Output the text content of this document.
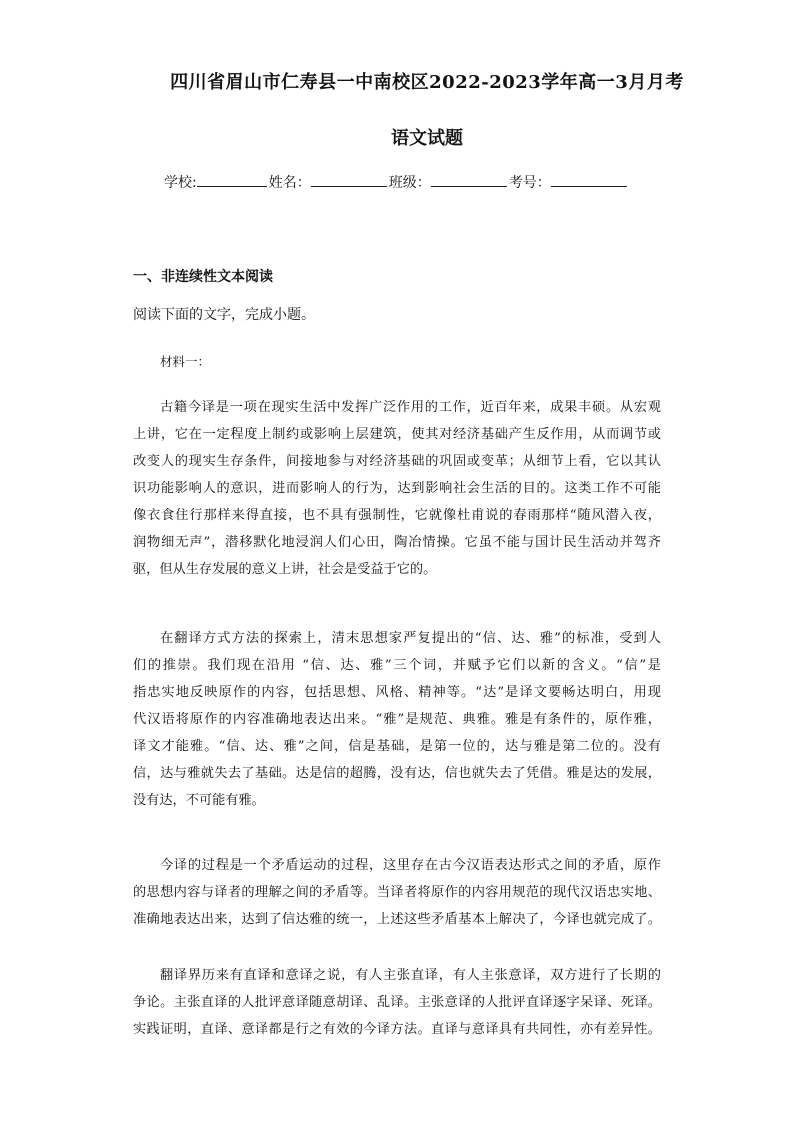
四川省眉山市仁寿县一中南校区2022-2023学年高一3月月考
语文试题
学校:	姓名：	班级：	考号：
一、非连续性文本阅读
阅读下面的文字，完成小题。
材料一：
古籍今译是一项在现实生活中发挥广泛作用的工作，近百年来，成果丰硕。从宏观
上讲，它在一定程度上制约或影响上层建筑，使其对经济基础产生反作用，从而调节或
改变人的现实生存条件，间接地参与对经济基础的巩固或变革；从细节上看，它以其认
识功能影响人的意识，进而影响人的行为，达到影响社会生活的目的。这类工作不可能
像衣食住行那样来得直接，也不具有强制性，它就像杜甫说的春雨那样“随风潜入夜，
润物细无声”，潜移默化地浸润人们心田，陶冶情操。它虽不能与国计民生活动并驾齐
驱，但从生存发展的意义上讲，社会是受益于它的。
在翻译方式方法的探索上，清末思想家严复提出的“信、达、雅”的标准，受到人
们的推崇。我们现在沿用 “信、达、雅”三个词，并赋予它们以新的含义。“信”是
指忠实地反映原作的内容，包括思想、风格、精神等。“达”是译文要畅达明白，用现
代汉语将原作的内容准确地表达出来。“雅”是规范、典雅。雅是有条件的，原作雅，
译文才能雅。“信、达、雅”之间，信是基础，是第一位的，达与雅是第二位的。没有
信，达与雅就失去了基础。达是信的超腾，没有达，信也就失去了凭借。雅是达的发展，
没有达，不可能有雅。
今译的过程是一个矛盾运动的过程，这里存在古今汉语表达形式之间的矛盾，原作
的思想内容与译者的理解之间的矛盾等。当译者将原作的内容用规范的现代汉语忠实地、
准确地表达出来，达到了信达雅的统一，上述这些矛盾基本上解决了，今译也就完成了。
翻译界历来有直译和意译之说，有人主张直译，有人主张意译，双方进行了长期的
争论。主张直译的人批评意译随意胡译、乱译。主张意译的人批评直译逐字呆译、死译。
实践证明，直译、意译都是行之有效的今译方法。直译与意译具有共同性，亦有差异性。
